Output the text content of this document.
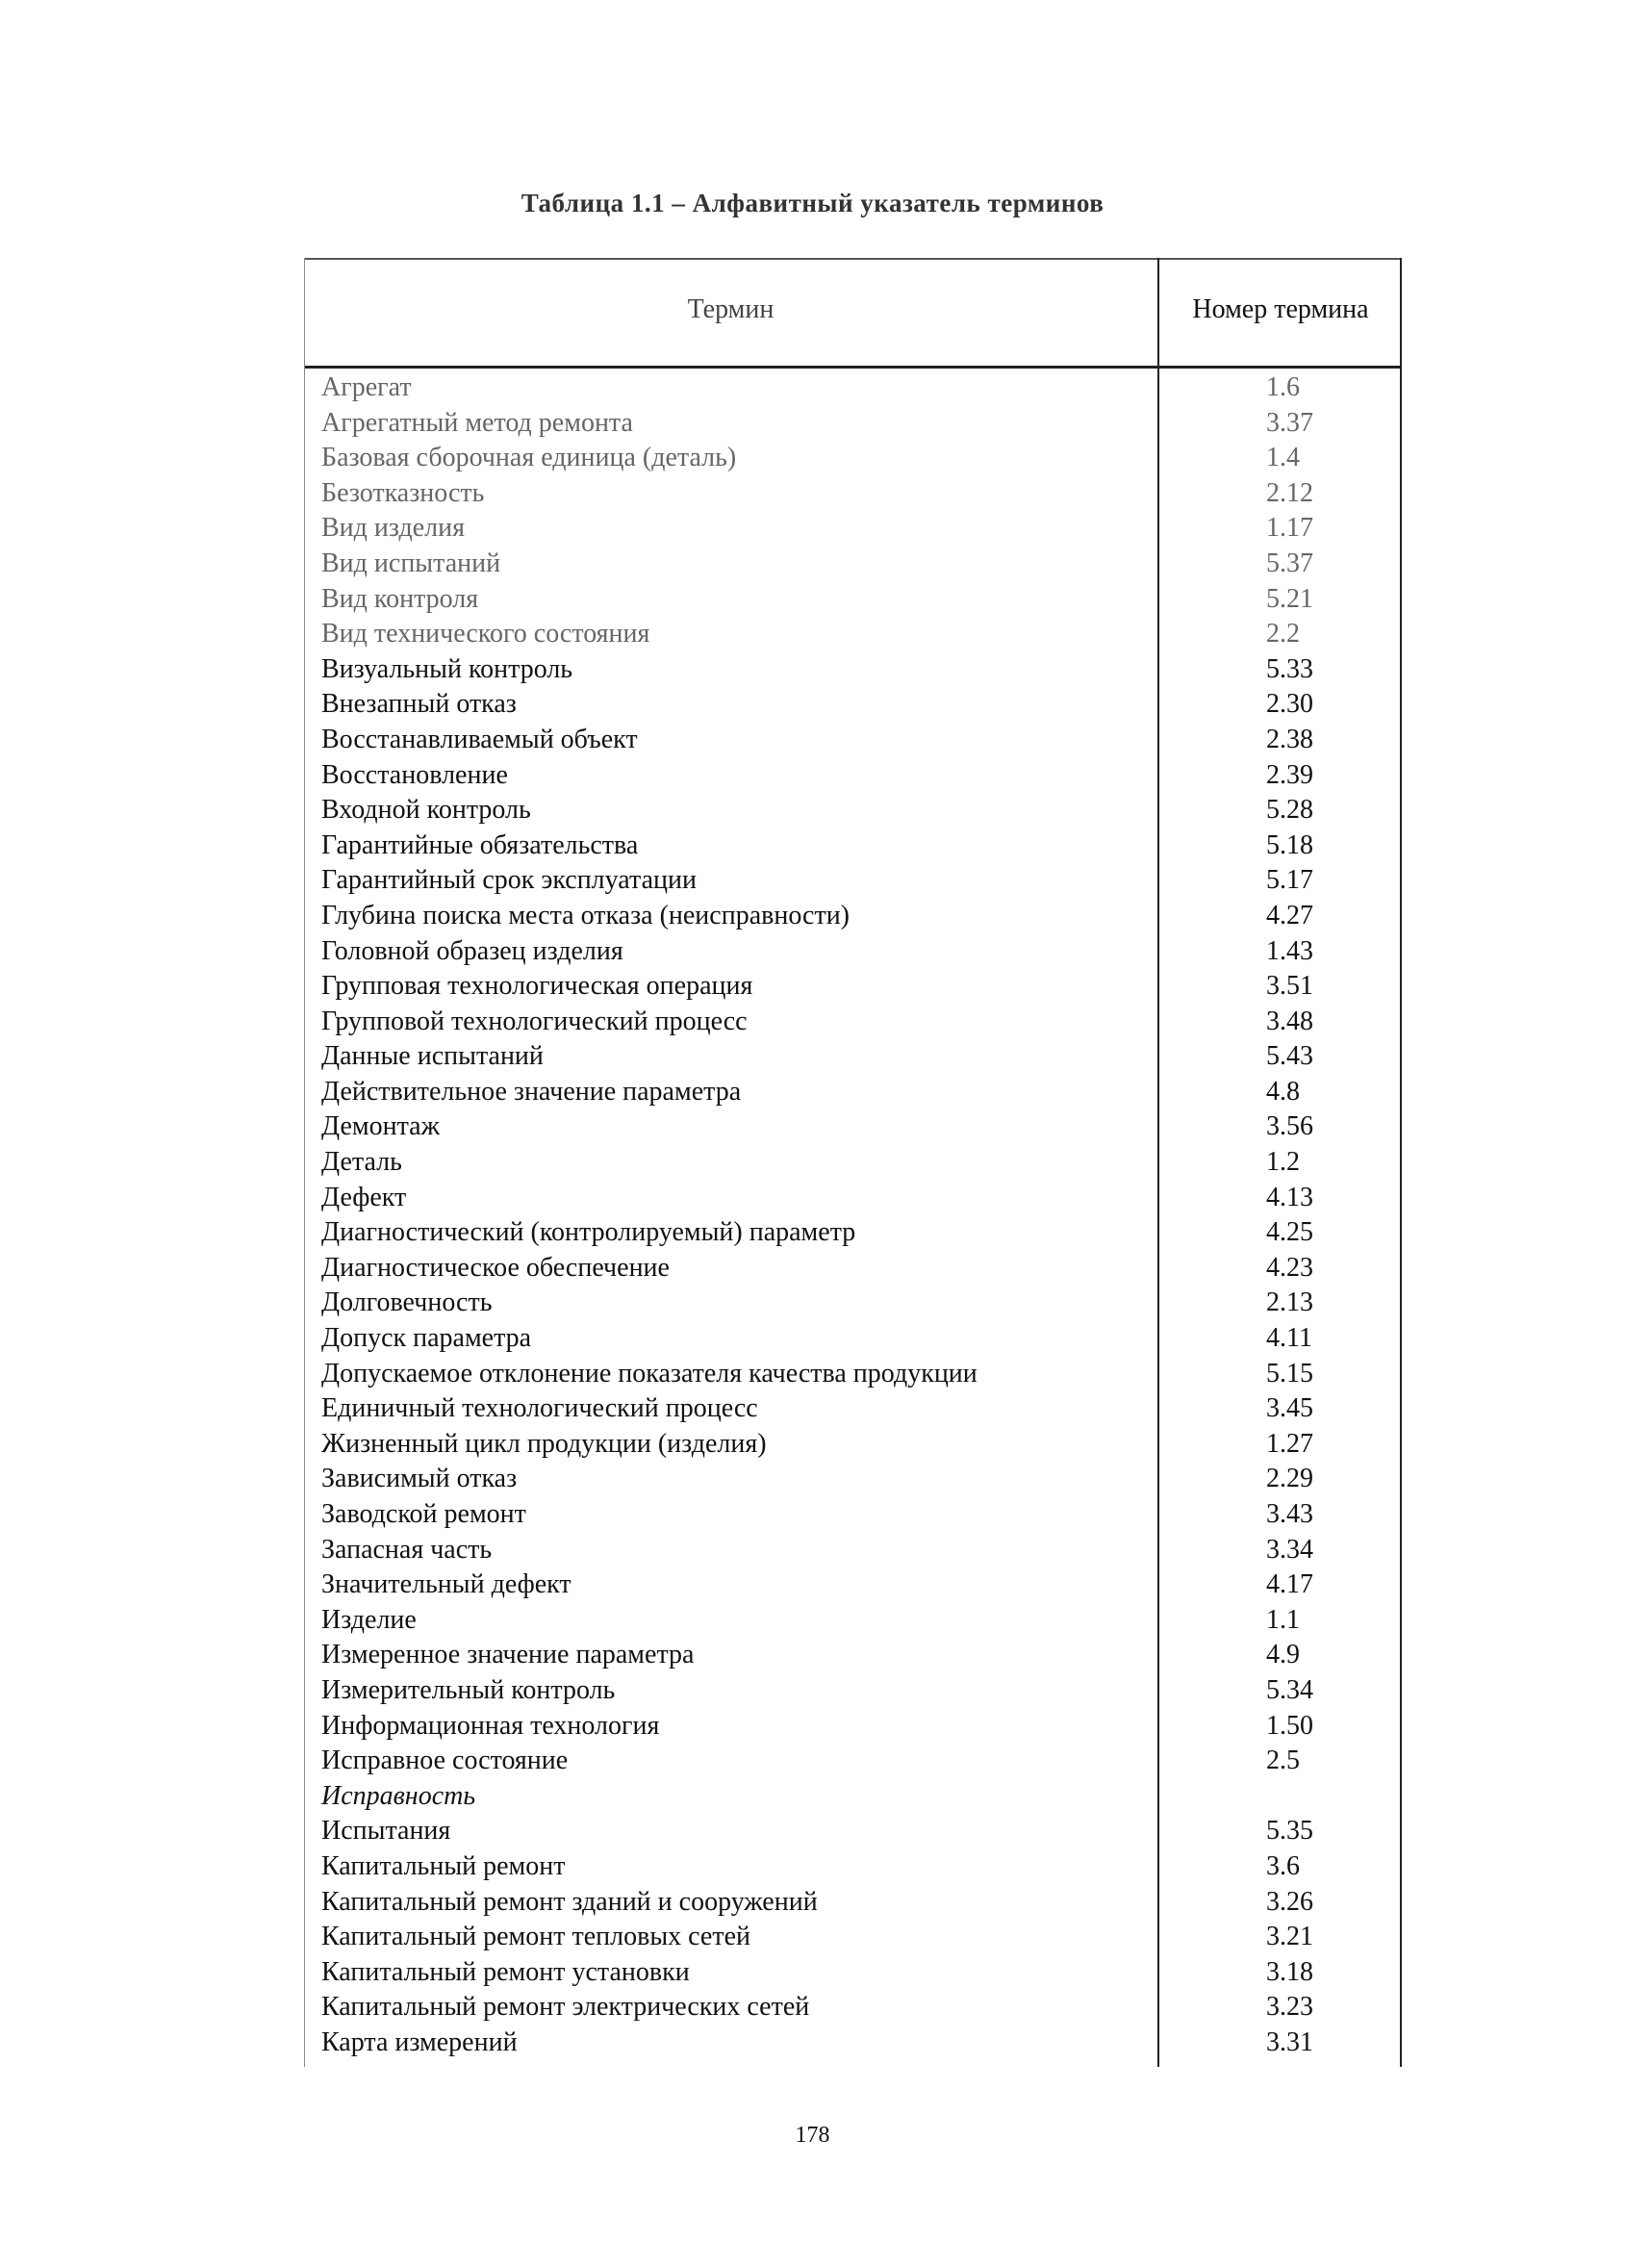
Таблица 1.1 – Алфавитный указатель терминов
Термин	Номер термина
Агрегат	1.6
Агрегатный метод ремонта	3.37
Базовая сборочная единица (деталь)	1.4
Безотказность	2.12
Вид изделия	1.17
Вид испытаний	5.37
Вид контроля	5.21
Вид технического состояния	2.2
Визуальный контроль	5.33
Внезапный отказ	2.30
Восстанавливаемый объект	2.38
Восстановление	2.39
Входной контроль	5.28
Гарантийные обязательства	5.18
Гарантийный срок эксплуатации	5.17
Глубина поиска места отказа (неисправности)	4.27
Головной образец изделия	1.43
Групповая технологическая операция	3.51
Групповой технологический процесс	3.48
Данные испытаний	5.43
Действительное значение параметра	4.8
Демонтаж	3.56
Деталь	1.2
Дефект	4.13
Диагностический (контролируемый) параметр	4.25
Диагностическое обеспечение	4.23
Долговечность	2.13
Допуск параметра	4.11
Допускаемое отклонение показателя качества продукции	5.15
Единичный технологический процесс	3.45
Жизненный цикл продукции (изделия)	1.27
Зависимый отказ	2.29
Заводской ремонт	3.43
Запасная часть	3.34
Значительный дефект	4.17
Изделие	1.1
Измеренное значение параметра	4.9
Измерительный контроль	5.34
Информационная технология	1.50
Исправное состояние	2.5
Исправность
Испытания	5.35
Капитальный ремонт	3.6
Капитальный ремонт зданий и сооружений	3.26
Капитальный ремонт тепловых сетей	3.21
Капитальный ремонт установки	3.18
Капитальный ремонт электрических сетей	3.23
Карта измерений	3.31
178
